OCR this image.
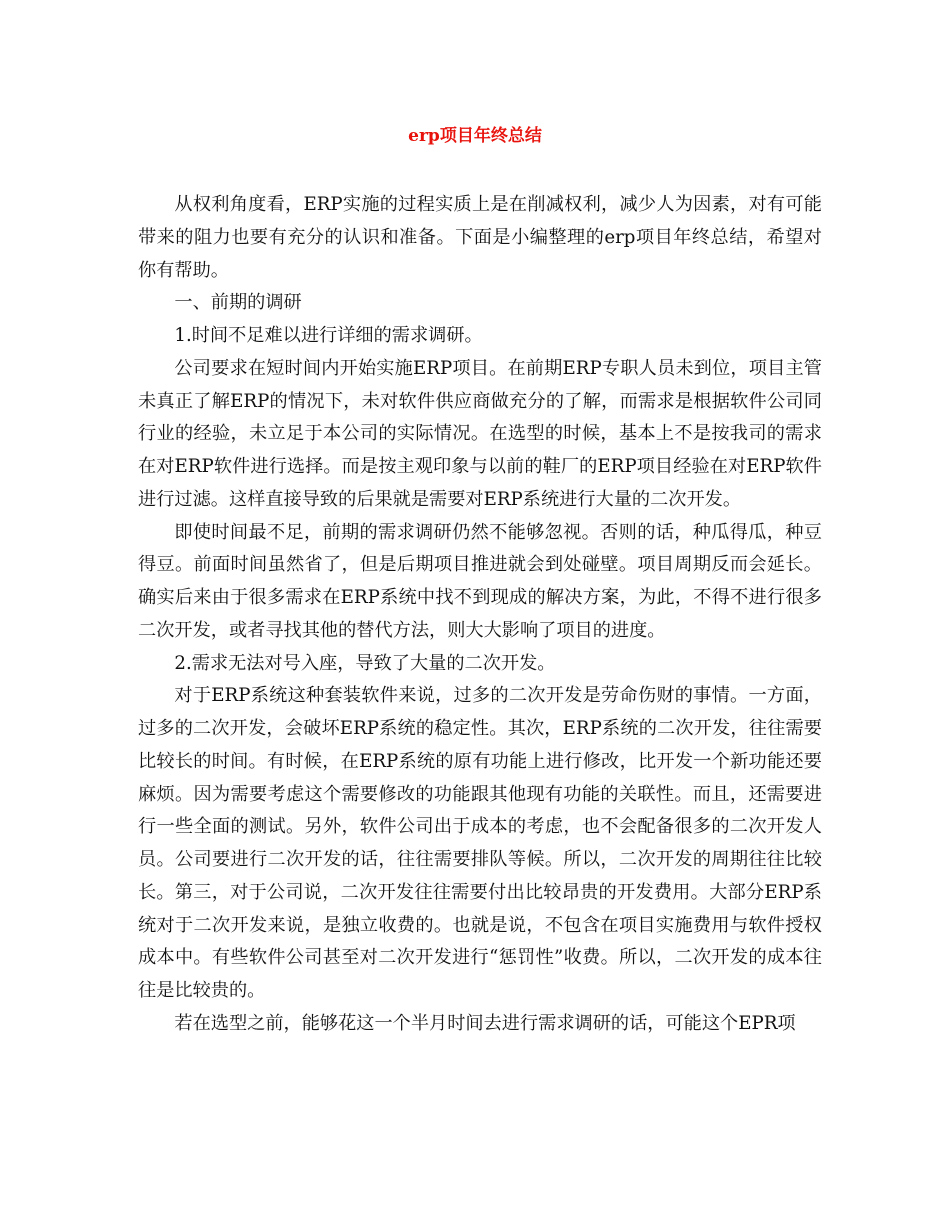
erp项目年终总结

从权利角度看，ERP实施的过程实质上是在削减权利，减少人为因素，对有可能带来的阻力也要有充分的认识和准备。下面是小编整理的erp项目年终总结，希望对你有帮助。

一、前期的调研

1.时间不足难以进行详细的需求调研。

公司要求在短时间内开始实施ERP项目。在前期ERP专职人员未到位，项目主管未真正了解ERP的情况下，未对软件供应商做充分的了解，而需求是根据软件公司同行业的经验，未立足于本公司的实际情况。在选型的时候，基本上不是按我司的需求在对ERP软件进行选择。而是按主观印象与以前的鞋厂的ERP项目经验在对ERP软件进行过滤。这样直接导致的后果就是需要对ERP系统进行大量的二次开发。

即使时间最不足，前期的需求调研仍然不能够忽视。否则的话，种瓜得瓜，种豆得豆。前面时间虽然省了，但是后期项目推进就会到处碰壁。项目周期反而会延长。确实后来由于很多需求在ERP系统中找不到现成的解决方案，为此，不得不进行很多二次开发，或者寻找其他的替代方法，则大大影响了项目的进度。

2.需求无法对号入座，导致了大量的二次开发。

对于ERP系统这种套装软件来说，过多的二次开发是劳命伤财的事情。一方面，过多的二次开发，会破坏ERP系统的稳定性。其次，ERP系统的二次开发，往往需要比较长的时间。有时候，在ERP系统的原有功能上进行修改，比开发一个新功能还要麻烦。因为需要考虑这个需要修改的功能跟其他现有功能的关联性。而且，还需要进行一些全面的测试。另外，软件公司出于成本的考虑，也不会配备很多的二次开发人员。公司要进行二次开发的话，往往需要排队等候。所以，二次开发的周期往往比较长。第三，对于公司说，二次开发往往需要付出比较昂贵的开发费用。大部分ERP系统对于二次开发来说，是独立收费的。也就是说，不包含在项目实施费用与软件授权成本中。有些软件公司甚至对二次开发进行“惩罚性”收费。所以，二次开发的成本往往是比较贵的。

若在选型之前，能够花这一个半月时间去进行需求调研的话，可能这个EPR项
